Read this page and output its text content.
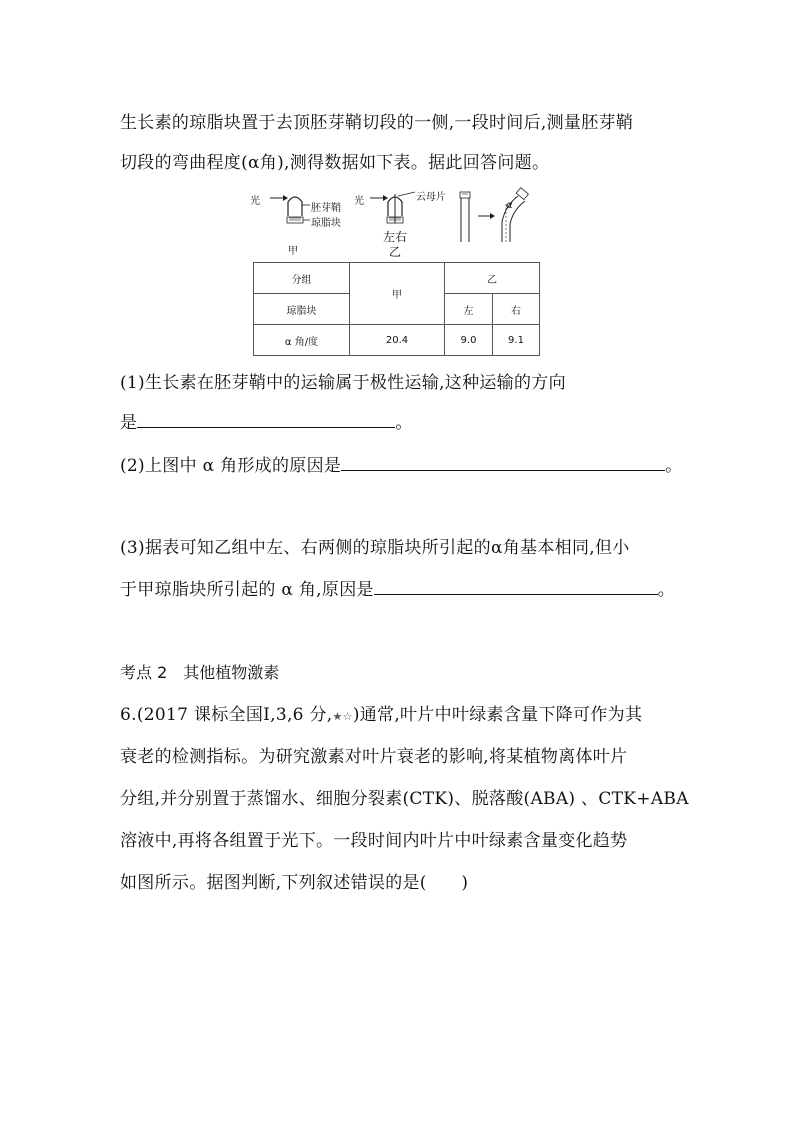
生长素的琼脂块置于去顶胚芽鞘切段的一侧,一段时间后,测量胚芽鞘
切段的弯曲程度(α角),测得数据如下表。据此回答问题。
光
胚芽鞘
琼脂块
甲
光	云母片
左右
乙
α
分组	甲	乙	
琼脂块		左	右
α 角/度	20.4	9.0	9.1
(1)生长素在胚芽鞘中的运输属于极性运输,这种运输的方向
是	。
(2)上图中 α 角形成的原因是	。
(3)据表可知乙组中左、右两侧的琼脂块所引起的α角基本相同,但小
于甲琼脂块所引起的 α 角,原因是	。
考点 2　其他植物激素
6.(2017 课标全国Ⅰ,3,6 分,★☆)通常,叶片中叶绿素含量下降可作为其
衰老的检测指标。为研究激素对叶片衰老的影响,将某植物离体叶片
分组,并分别置于蒸馏水、细胞分裂素(CTK)、脱落酸(ABA) 、CTK+ABA
溶液中,再将各组置于光下。一段时间内叶片中叶绿素含量变化趋势
如图所示。据图判断,下列叙述错误的是(　　)
